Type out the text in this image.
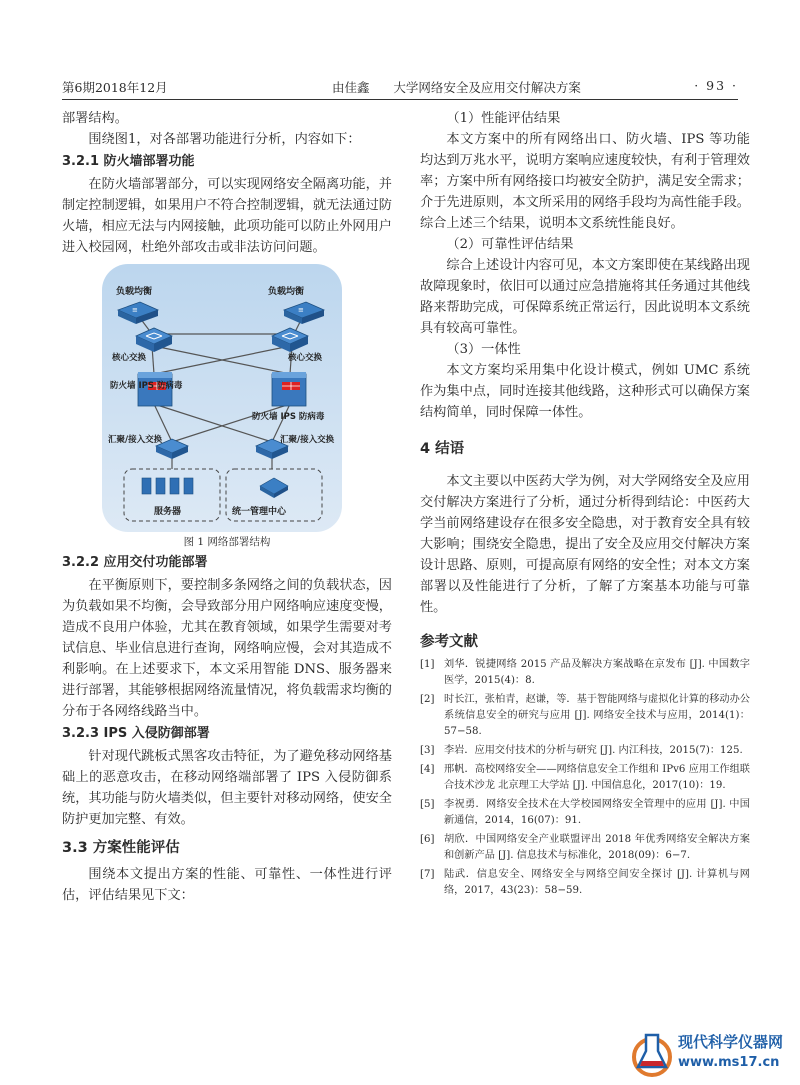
第6期2018年12月	由佳鑫 大学网络安全及应用交付解决方案	· 93 ·

部署结构。

围绕图1，对各部署功能进行分析，内容如下：

3.2.1 防火墙部署功能

在防火墙部署部分，可以实现网络安全隔离功能，并制定控制逻辑，如果用户不符合控制逻辑，就无法通过防火墙，相应无法与内网接触，此项功能可以防止外网用户进入校园网，杜绝外部攻击或非法访问问题。

≡
负载均衡
≡
负载均衡
核心交换	核心交换
防火墙 IPS 防病毒
防火墙 IPS 防病毒
汇聚/接入交换	汇聚/接入交换
服务器	统一管理中心
图 1 网络部署结构
3.2.2 应用交付功能部署

在平衡原则下，要控制多条网络之间的负载状态，因为负载如果不均衡，会导致部分用户网络响应速度变慢，造成不良用户体验，尤其在教育领域，如果学生需要对考试信息、毕业信息进行查询，网络响应慢，会对其造成不利影响。在上述要求下，本文采用智能 DNS、服务器来进行部署，其能够根据网络流量情况，将负载需求均衡的分布于各网络线路当中。

3.2.3 IPS 入侵防御部署

针对现代跳板式黑客攻击特征，为了避免移动网络基础上的恶意攻击，在移动网络端部署了 IPS 入侵防御系统，其功能与防火墙类似，但主要针对移动网络，使安全防护更加完整、有效。

3.3 方案性能评估

围绕本文提出方案的性能、可靠性、一体性进行评估，评估结果见下文：

（1）性能评估结果

本文方案中的所有网络出口、防火墙、IPS 等功能均达到万兆水平，说明方案响应速度较快，有利于管理效率；方案中所有网络接口均被安全防护，满足安全需求；介于先进原则，本文所采用的网络手段均为高性能手段。综合上述三个结果，说明本文系统性能良好。

（2）可靠性评估结果

综合上述设计内容可见，本文方案即使在某线路出现故障现象时，依旧可以通过应急措施将其任务通过其他线路来帮助完成，可保障系统正常运行，因此说明本文系统具有较高可靠性。

（3）一体性

本文方案均采用集中化设计模式，例如 UMC 系统作为集中点，同时连接其他线路，这种形式可以确保方案结构简单，同时保障一体性。

4 结语

本文主要以中医药大学为例，对大学网络安全及应用交付解决方案进行了分析，通过分析得到结论：中医药大学当前网络建设存在很多安全隐患，对于教育安全具有较大影响；围绕安全隐患，提出了安全及应用交付解决方案设计思路、原则，可提高原有网络的安全性；对本文方案部署以及性能进行了分析，了解了方案基本功能与可靠性。

参考文献
[1] 刘华．锐捷网络 2015 产品及解决方案战略在京发布 [J]. 中国数字医学，2015(4)：8.
[2] 时长江，张柏青，赵谦，等．基于智能网络与虚拟化计算的移动办公系统信息安全的研究与应用 [J]. 网络安全技术与应用，2014(1)：57−58.
[3] 李岩．应用交付技术的分析与研究 [J]. 内江科技，2015(7)：125.
[4] 邢帆．高校网络安全——网络信息安全工作组和 IPv6 应用工作组联合技术沙龙 北京理工大学站 [J]. 中国信息化，2017(10)：19.
[5] 李祝勇．网络安全技术在大学校园网络安全管理中的应用 [J]. 中国新通信，2014，16(07)：91.
[6] 胡欣．中国网络安全产业联盟评出 2018 年优秀网络安全解决方案和创新产品 [J]. 信息技术与标准化，2018(09)：6−7.
[7] 陆武．信息安全、网络安全与网络空间安全探讨 [J]. 计算机与网络，2017，43(23)：58−59.
现代科学仪器网
www.ms17.cn
